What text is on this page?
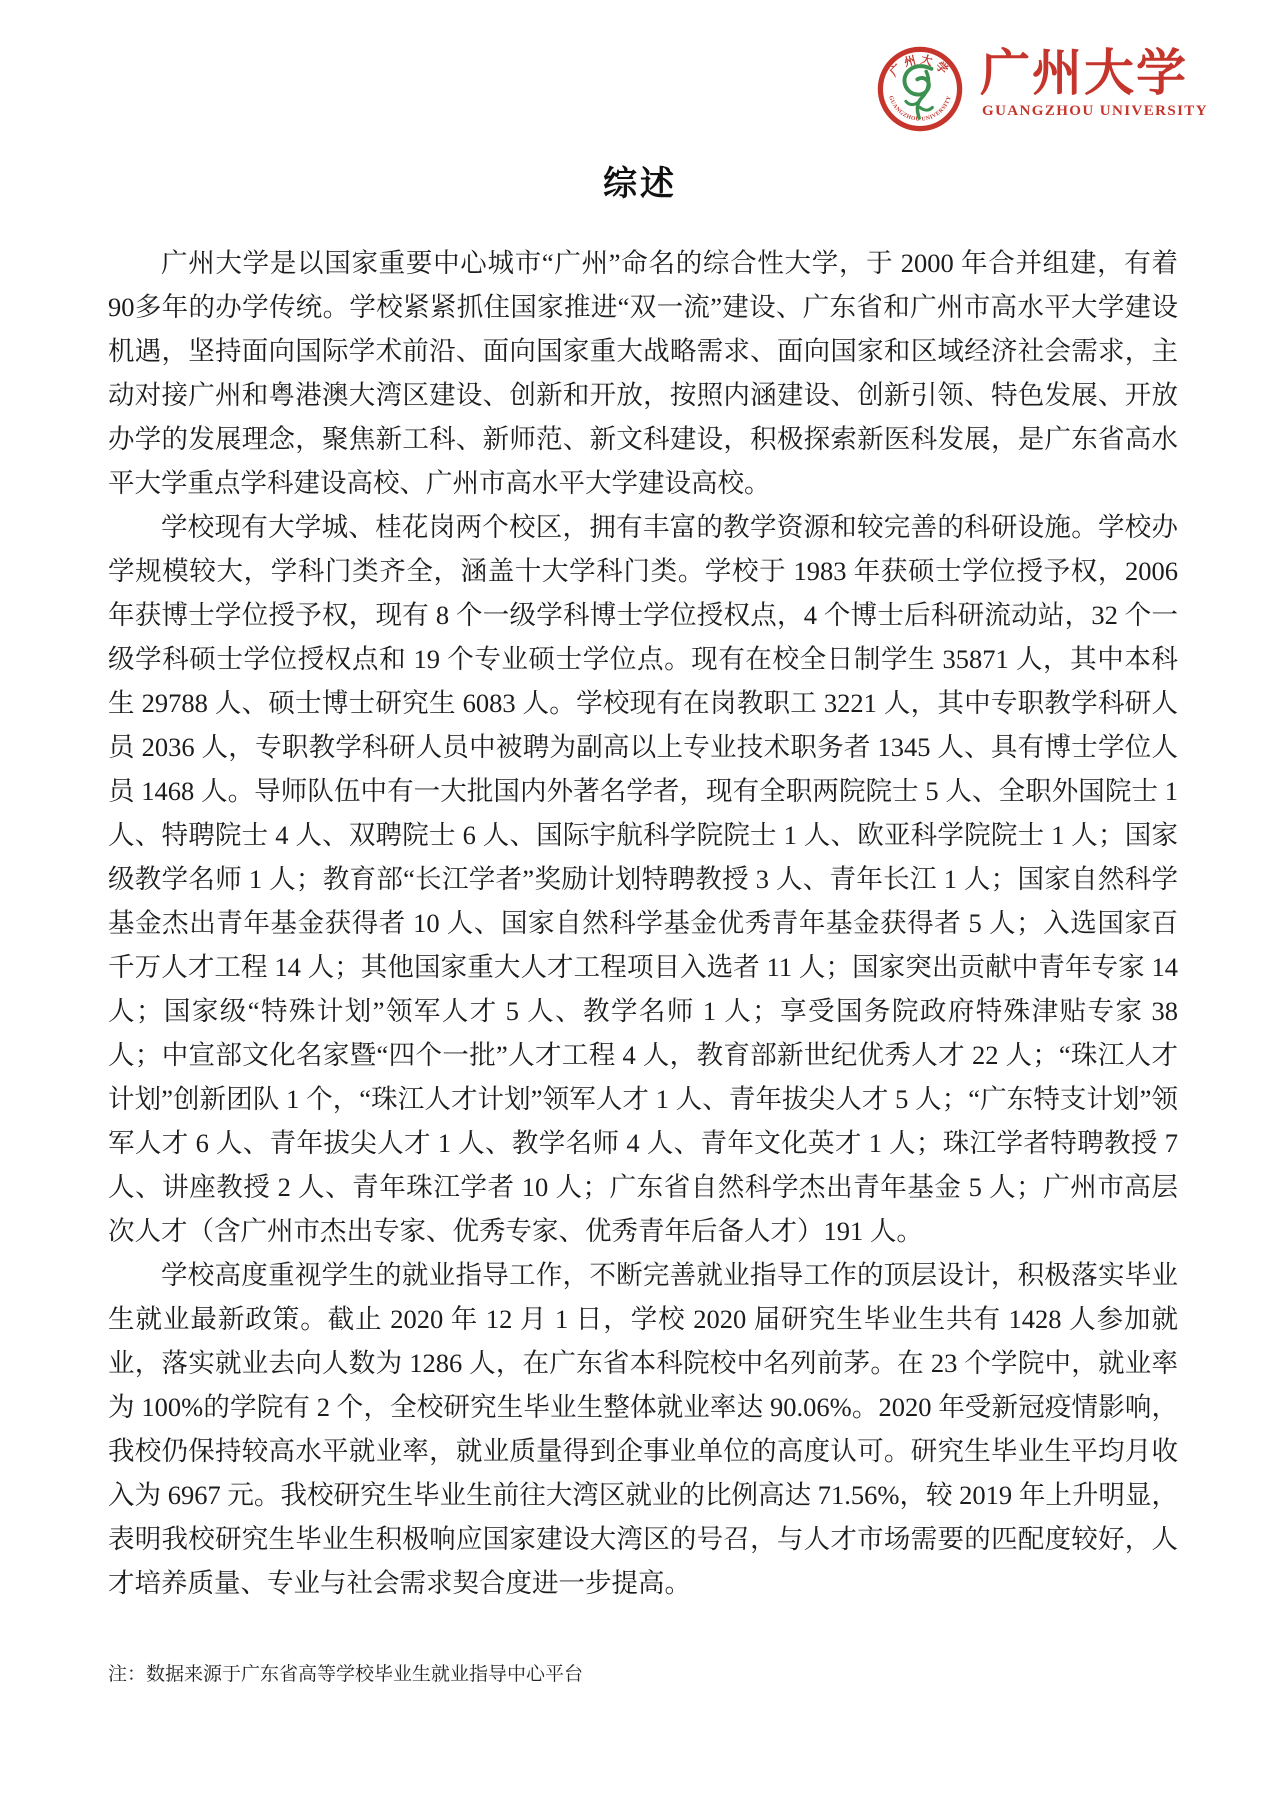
广州大学
GUANGZHOU UNIVERSITY 广州大学
GUANGZHOU UNIVERSITY
综述

广州大学是以国家重要中心城市“广州”命名的综合性大学，于 2000 年合并组建，有着90多年的办学传统。学校紧紧抓住国家推进“双一流”建设、广东省和广州市高水平大学建设机遇，坚持面向国际学术前沿、面向国家重大战略需求、面向国家和区域经济社会需求，主动对接广州和粤港澳大湾区建设、创新和开放，按照内涵建设、创新引领、特色发展、开放办学的发展理念，聚焦新工科、新师范、新文科建设，积极探索新医科发展，是广东省高水平大学重点学科建设高校、广州市高水平大学建设高校。

学校现有大学城、桂花岗两个校区，拥有丰富的教学资源和较完善的科研设施。学校办学规模较大，学科门类齐全，涵盖十大学科门类。学校于 1983 年获硕士学位授予权，2006 年获博士学位授予权，现有 8 个一级学科博士学位授权点，4 个博士后科研流动站，32 个一级学科硕士学位授权点和 19 个专业硕士学位点。现有在校全日制学生 35871 人，其中本科生 29788 人、硕士博士研究生 6083 人。学校现有在岗教职工 3221 人，其中专职教学科研人员 2036 人，专职教学科研人员中被聘为副高以上专业技术职务者 1345 人、具有博士学位人员 1468 人。导师队伍中有一大批国内外著名学者，现有全职两院院士 5 人、全职外国院士 1 人、特聘院士 4 人、双聘院士 6 人、国际宇航科学院院士 1 人、欧亚科学院院士 1 人；国家级教学名师 1 人；教育部“长江学者”奖励计划特聘教授 3 人、青年长江 1 人；国家自然科学基金杰出青年基金获得者 10 人、国家自然科学基金优秀青年基金获得者 5 人；入选国家百千万人才工程 14 人；其他国家重大人才工程项目入选者 11 人；国家突出贡献中青年专家 14 人；国家级“特殊计划”领军人才 5 人、教学名师 1 人；享受国务院政府特殊津贴专家 38 人；中宣部文化名家暨“四个一批”人才工程 4 人，教育部新世纪优秀人才 22 人；“珠江人才计划”创新团队 1 个，“珠江人才计划”领军人才 1 人、青年拔尖人才 5 人；“广东特支计划”领军人才 6 人、青年拔尖人才 1 人、教学名师 4 人、青年文化英才 1 人；珠江学者特聘教授 7 人、讲座教授 2 人、青年珠江学者 10 人；广东省自然科学杰出青年基金 5 人；广州市高层次人才（含广州市杰出专家、优秀专家、优秀青年后备人才）191 人。

学校高度重视学生的就业指导工作，不断完善就业指导工作的顶层设计，积极落实毕业生就业最新政策。截止 2020 年 12 月 1 日，学校 2020 届研究生毕业生共有 1428 人参加就业，落实就业去向人数为 1286 人，在广东省本科院校中名列前茅。在 23 个学院中，就业率为 100%的学院有 2 个，全校研究生毕业生整体就业率达 90.06%。2020 年受新冠疫情影响，我校仍保持较高水平就业率，就业质量得到企事业单位的高度认可。研究生毕业生平均月收入为 6967 元。我校研究生毕业生前往大湾区就业的比例高达 71.56%，较 2019 年上升明显，表明我校研究生毕业生积极响应国家建设大湾区的号召，与人才市场需要的匹配度较好，人才培养质量、专业与社会需求契合度进一步提高。

注：数据来源于广东省高等学校毕业生就业指导中心平台
